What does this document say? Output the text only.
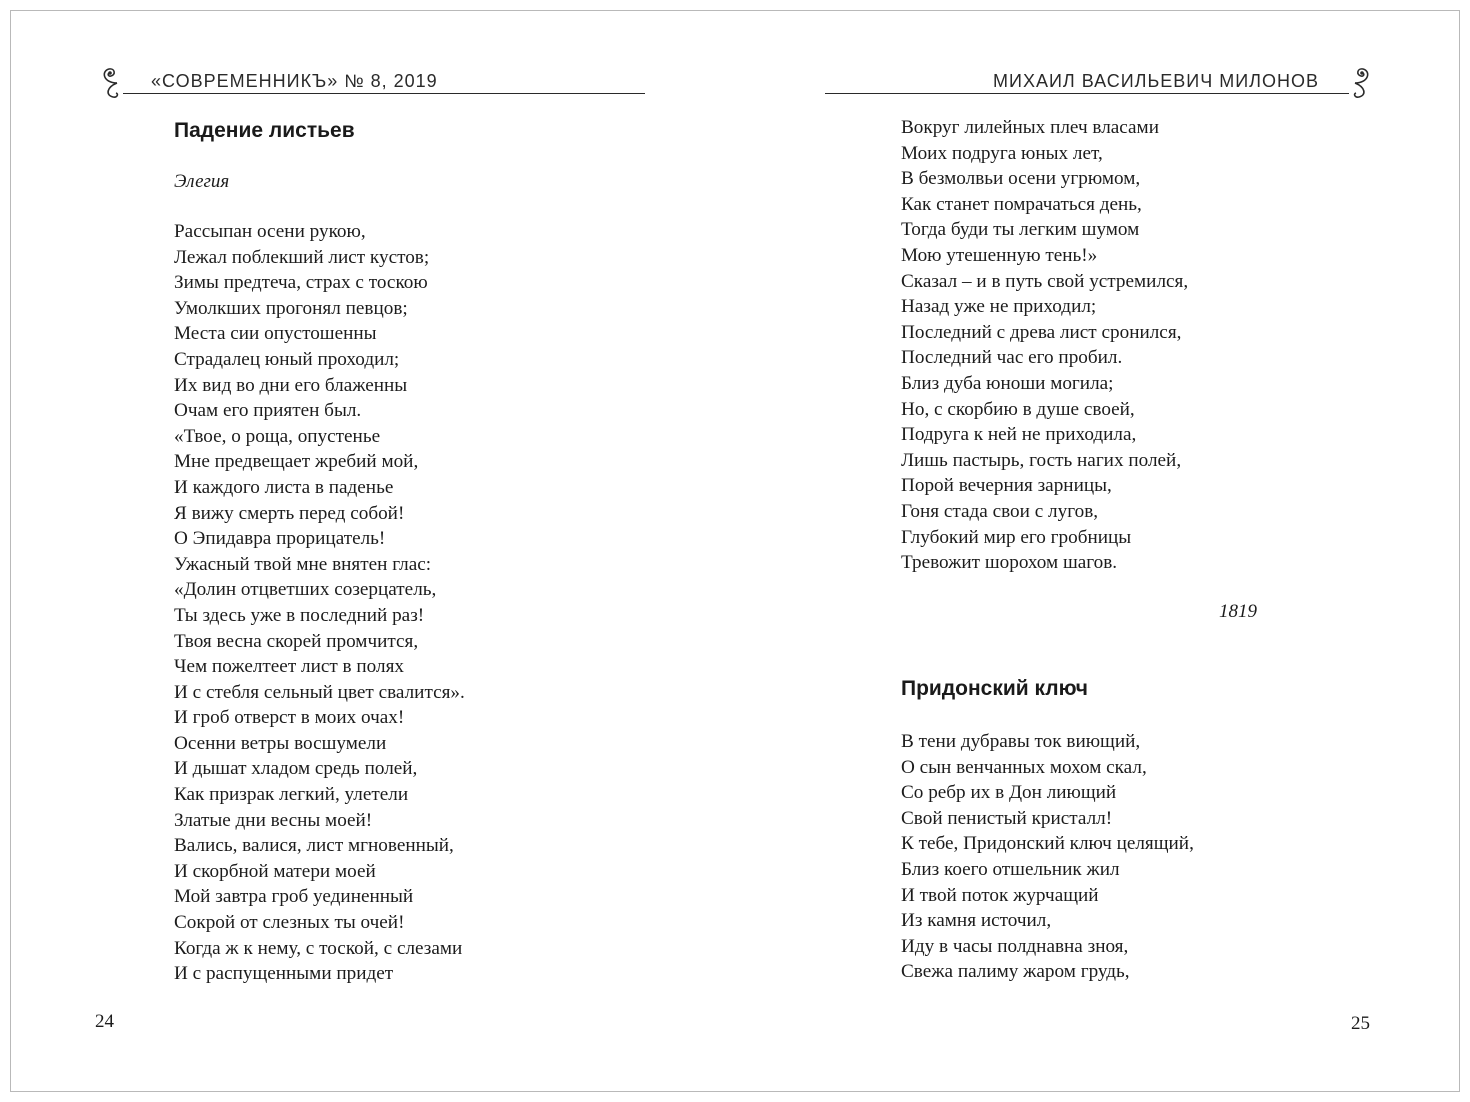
«СОВРЕМЕННИКЪ» № 8, 2019
Падение листьев
Элегия
Рассыпан осени рукою,
Лежал поблекший лист кустов;
Зимы предтеча, страх с тоскою
Умолкших прогонял певцов;
Места сии опустошенны
Страдалец юный проходил;
Их вид во дни его блаженны
Очам его приятен был.
«Твое, о роща, опустенье
Мне предвещает жребий мой,
И каждого листа в паденье
Я вижу смерть перед собой!
О Эпидавра прорицатель!
Ужасный твой мне внятен глас:
«Долин отцветших созерцатель,
Ты здесь уже в последний раз!
Твоя весна скорей промчится,
Чем пожелтеет лист в полях
И с стебля сельный цвет свалится».
И гроб отверст в моих очах!
Осенни ветры восшумели
И дышат хладом средь полей,
Как призрак легкий, улетели
Златые дни весны моей!
Вались, валися, лист мгновенный,
И скорбной матери моей
Мой завтра гроб уединенный
Сокрой от слезных ты очей!
Когда ж к нему, с тоской, с слезами
И с распущенными придет
24
МИХАИЛ ВАСИЛЬЕВИЧ МИЛОНОВ
Вокруг лилейных плеч власами
Моих подруга юных лет,
В безмолвьи осени угрюмом,
Как станет помрачаться день,
Тогда буди ты легким шумом
Мою утешенную тень!»
Сказал – и в путь свой устремился,
Назад уже не приходил;
Последний с древа лист сронился,
Последний час его пробил.
Близ дуба юноши могила;
Но, с скорбию в душе своей,
Подруга к ней не приходила,
Лишь пастырь, гость нагих полей,
Порой вечерния зарницы,
Гоня стада свои с лугов,
Глубокий мир его гробницы
Тревожит шорохом шагов.
1819
Придонский ключ
В тени дубравы ток виющий,
О сын венчанных мохом скал,
Со ребр их в Дон лиющий
Свой пенистый кристалл!
К тебе, Придонский ключ целящий,
Близ коего отшельник жил
И твой поток журчащий
Из камня источил,
Иду в часы полднавна зноя,
Свежа палиму жаром грудь,
25
